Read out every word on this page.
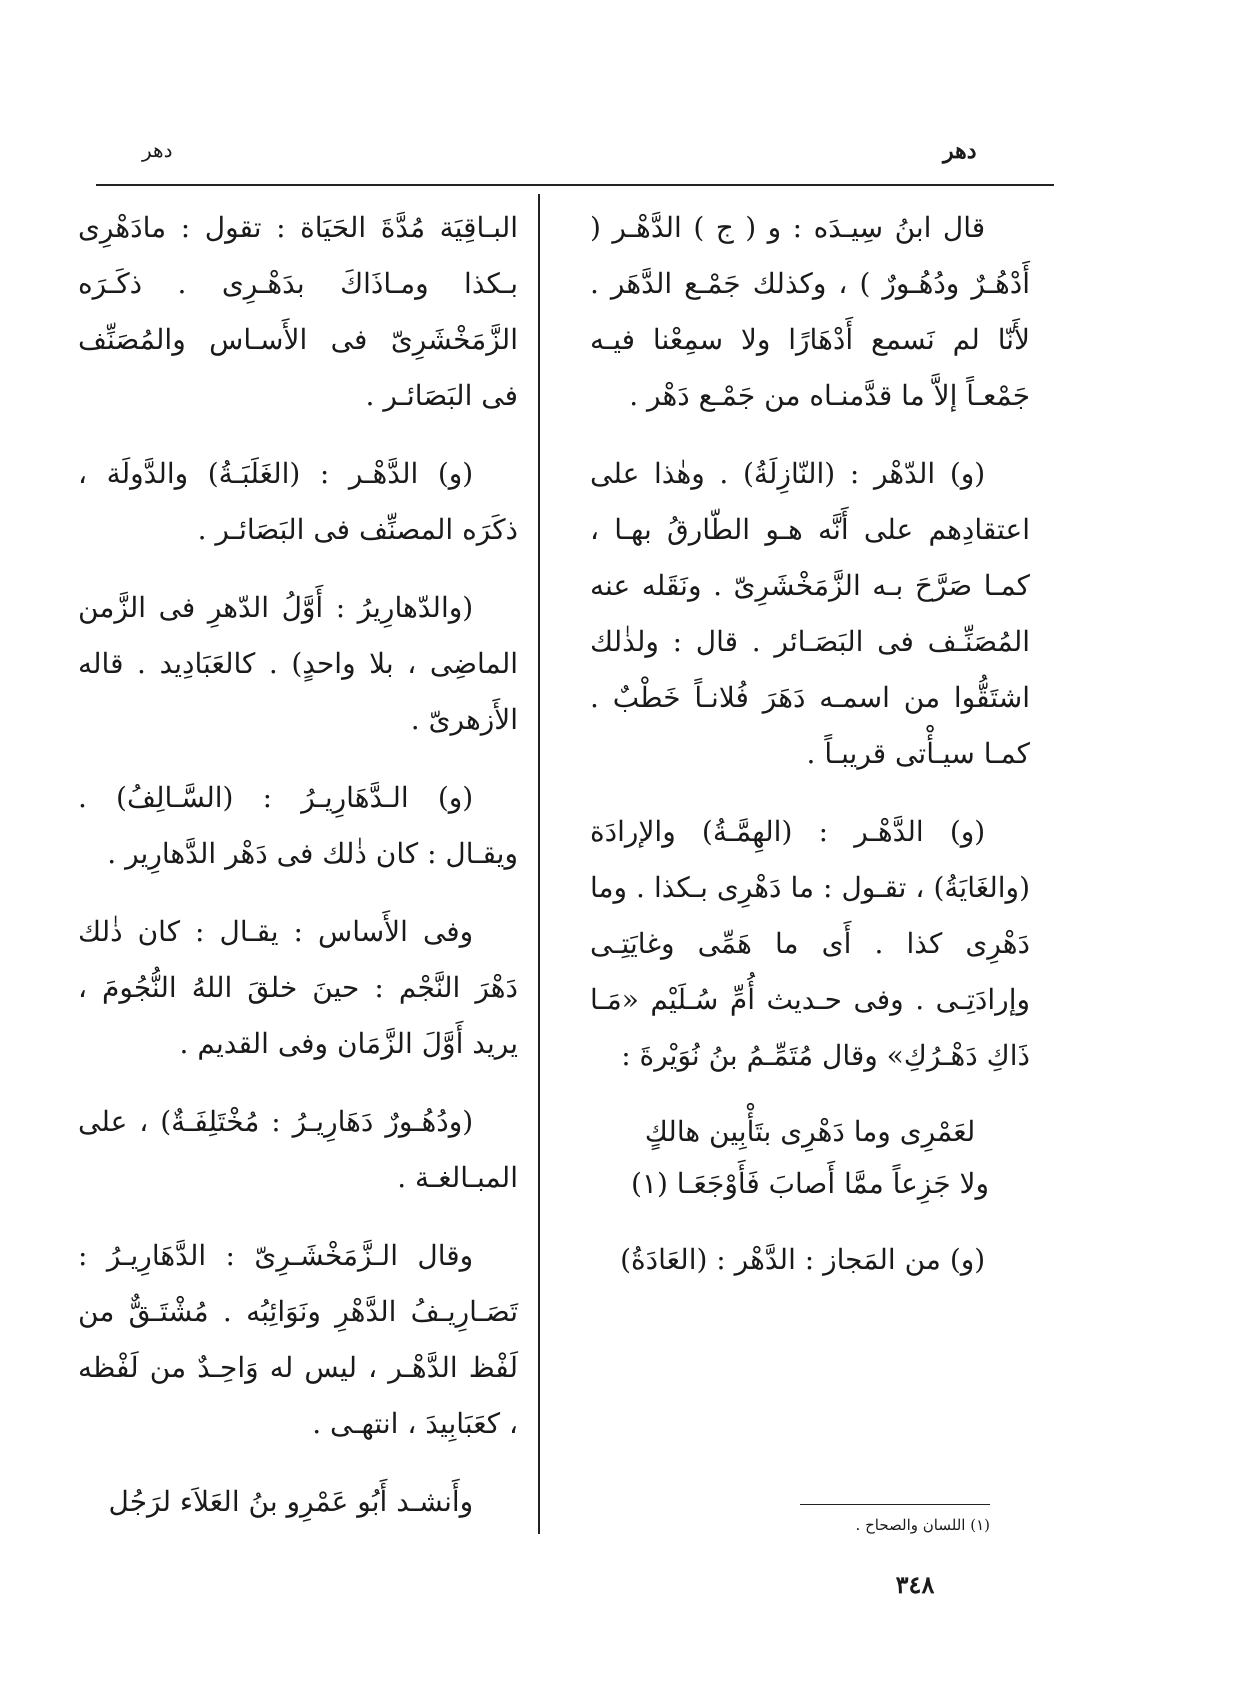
دهر
دهر

قال ابنُ سِيـدَه : و ( ج ) الدَّهْـر ( أَدْهُـرٌ ودُهُـورٌ ) ، وكذلك جَمْـع الدَّهَر . لأَنّا لم نَسمع أَدْهَارًا ولا سمِعْنا فيـه جَمْعـاً إلاَّ ما قدَّمنـاه من جَمْـع دَهْر .

(و) الدّهْر : (النّازِلَةُ) . وهٰذا على اعتقادِهم على أَنَّه هـو الطّارقُ بهـا ، كمـا صَرَّحَ بـه الزَّمَخْشَرِىّ . ونَقَله عنه المُصَنِّـف فى البَصَـائر . قال : ولذٰلك اشتَقُّوا من اسمـه دَهَرَ فُلانـاً خَطْبٌ . كمـا سيـأْتى قريبـاً .

(و) الدَّهْـر : (الهِمَّـةُ) والإرادَة (والغَايَةُ) ، تقـول : ما دَهْرِى بـكذا . وما دَهْرِى كذا . أَى ما هَمِّى وغايَتِـى وإرادَتِـى . وفى حـديث أُمِّ سُـلَيْم «مَـا ذَاكِ دَهْـرُكِ» وقال مُتَمِّـمُ بنُ نُوَيْرةَ :

لعَمْرِى وما دَهْرِى بتَأْبِين هالكٍ
ولا جَزِعاً ممَّا أَصابَ فَأَوْجَعَـا (١)

(و) من المَجاز : الدَّهْر : (العَادَةُ)

البـاقِيَة مُدَّةَ الحَيَاة : تقول : مادَهْرِى بـكذا ومـاذَاكَ بدَهْـرِى . ذكَـرَه الزَّمَخْشَرِىّ فى الأَسـاس والمُصَنِّف فى البَصَائـر .

(و) الدَّهْـر : (الغَلَبَـةُ) والدَّولَة ، ذكَرَه المصنِّف فى البَصَائـر .

(والدّهارِيرُ : أَوَّلُ الدّهرِ فى الزَّمن الماضِى ، بلا واحدٍ) . كالعَبَادِيد . قاله الأَزهرىّ .

(و) الـدَّهَارِيـرُ : (السَّـالِفُ) . ويقـال : كان ذٰلك فى دَهْر الدَّهارِير .

وفى الأَساس : يقـال : كان ذٰلك دَهْرَ النَّجْم : حينَ خلقَ اللهُ النُّجُومَ ، يريد أَوَّلَ الزَّمَان وفى القديم .

(ودُهُـورٌ دَهَارِيـرُ : مُخْتَلِفَـةٌ) ، على المبـالغـة .

وقال الـزَّمَخْشَـرِىّ : الدَّهَارِيـرُ : تَصَـارِيـفُ الدَّهْرِ ونَوَائِبُه . مُشْتَـقٌّ من لَفْظ الدَّهْـر ، ليس له وَاحِـدٌ من لَفْظه ، كعَبَابِيدَ ، انتهـى .

وأَنشـد أَبُو عَمْرِو بنُ العَلاَء لرَجُل

(١) اللسان والصحاح .
٣٤٨
